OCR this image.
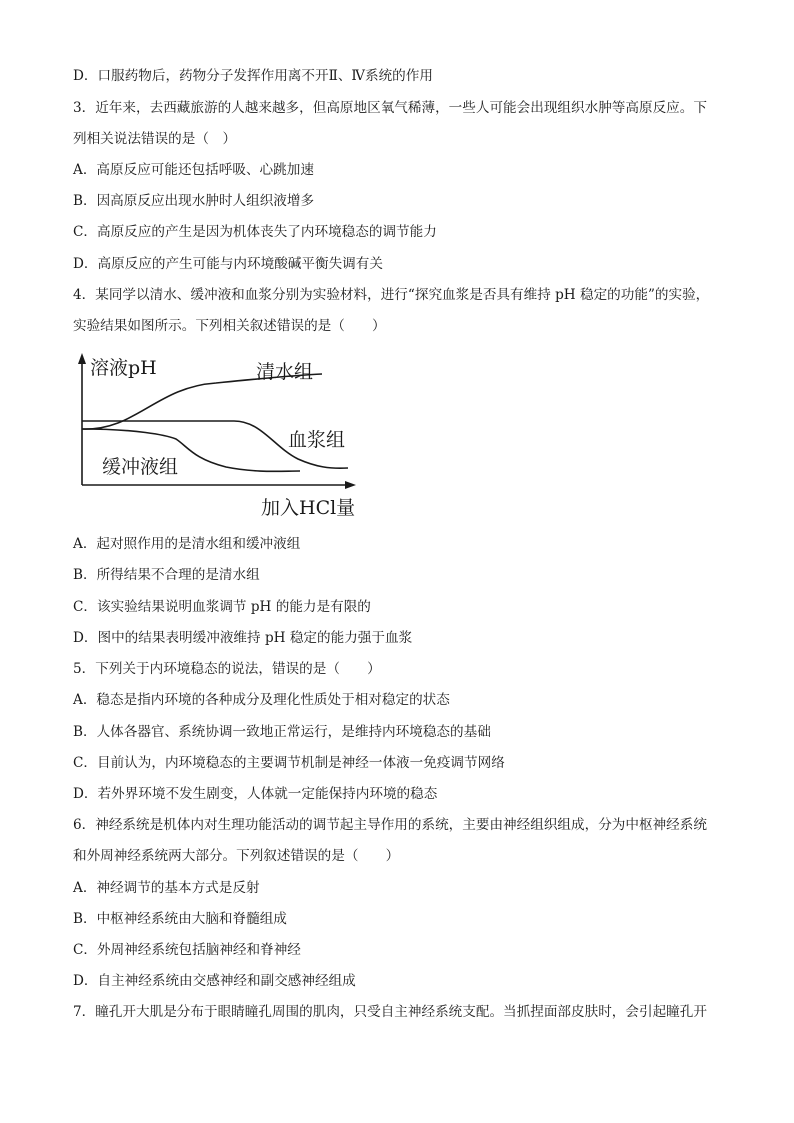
D．口服药物后，药物分子发挥作用离不开Ⅱ、Ⅳ系统的作用
3．近年来，去西藏旅游的人越来越多，但高原地区氧气稀薄，一些人可能会出现组织水肿等高原反应。下
列相关说法错误的是（　）
A．高原反应可能还包括呼吸、心跳加速
B．因高原反应出现水肿时人组织液增多
C．高原反应的产生是因为机体丧失了内环境稳态的调节能力
D．高原反应的产生可能与内环境酸碱平衡失调有关
4．某同学以清水、缓冲液和血浆分别为实验材料，进行“探究血浆是否具有维持 pH 稳定的功能”的实验，
实验结果如图所示。下列相关叙述错误的是（　　）
溶液pH	清水组
血浆组
缓冲液组
加入HCl量
A．起对照作用的是清水组和缓冲液组
B．所得结果不合理的是清水组
C．该实验结果说明血浆调节 pH 的能力是有限的
D．图中的结果表明缓冲液维持 pH 稳定的能力强于血浆
5．下列关于内环境稳态的说法，错误的是（　　）
A．稳态是指内环境的各种成分及理化性质处于相对稳定的状态
B．人体各器官、系统协调一致地正常运行，是维持内环境稳态的基础
C．目前认为，内环境稳态的主要调节机制是神经一体液一免疫调节网络
D．若外界环境不发生剧变，人体就一定能保持内环境的稳态
6．神经系统是机体内对生理功能活动的调节起主导作用的系统，主要由神经组织组成，分为中枢神经系统
和外周神经系统两大部分。下列叙述错误的是（　　）
A．神经调节的基本方式是反射
B．中枢神经系统由大脑和脊髓组成
C．外周神经系统包括脑神经和脊神经
D．自主神经系统由交感神经和副交感神经组成
7．瞳孔开大肌是分布于眼睛瞳孔周围的肌肉，只受自主神经系统支配。当抓捏面部皮肤时，会引起瞳孔开
